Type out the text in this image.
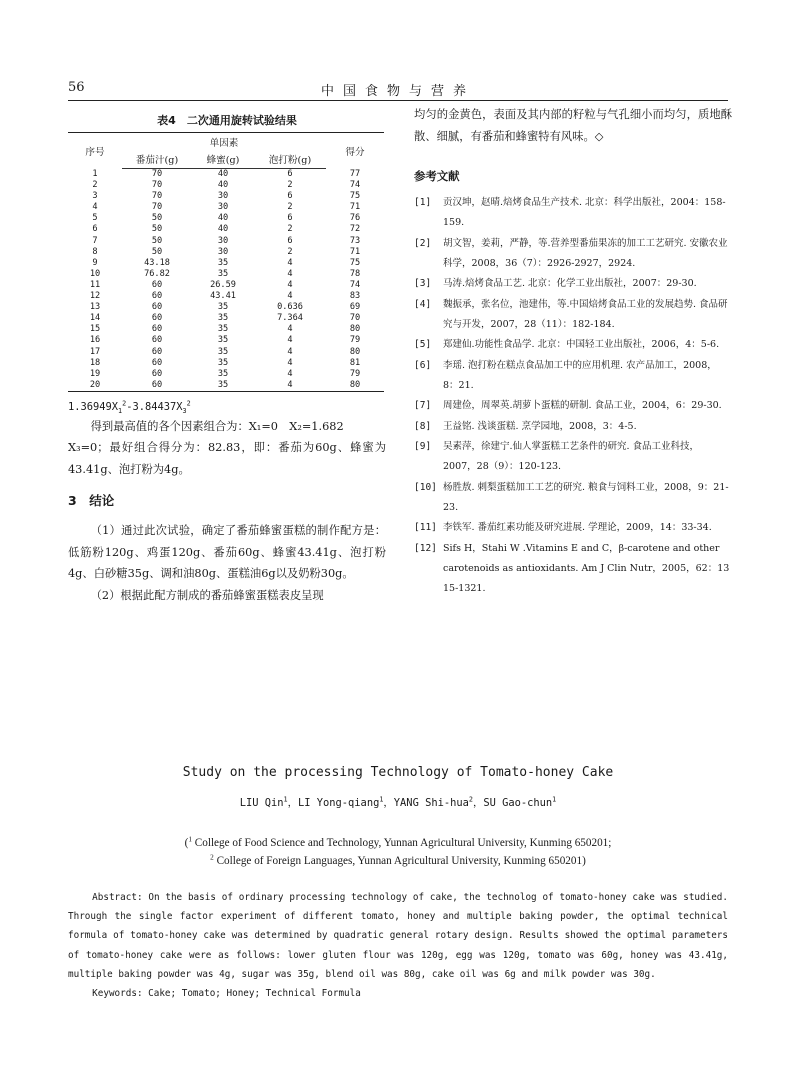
56	中国食物与营养
表4　二次通用旋转试验结果
序号	单因素			得分
	番茄汁(g)	蜂蜜(g)	泡打粉(g)	
1	70	40	6	77
2	70	40	2	74
3	70	30	6	75
4	70	30	2	71
5	50	40	6	76
6	50	40	2	72
7	50	30	6	73
8	50	30	2	71
9	43.18	35	4	75
10	76.82	35	4	78
11	60	26.59	4	74
12	60	43.41	4	83
13	60	35	0.636	69
14	60	35	7.364	70
15	60	35	4	80
16	60	35	4	79
17	60	35	4	80
18	60	35	4	81
19	60	35	4	79
20	60	35	4	80
$1.36949X_1^2-3.84437X_3^2$

得到最高值的各个因素组合为：X₁=0　X₂=1.682

X₃=0；最好组合得分为：82.83，即：番茄为60g、蜂蜜为43.41g、泡打粉为4g。

3　结论

（1）通过此次试验，确定了番茄蜂蜜蛋糕的制作配方是：低筋粉120g、鸡蛋120g、番茄60g、蜂蜜43.41g、泡打粉4g、白砂糖35g、调和油80g、蛋糕油6g以及奶粉30g。

（2）根据此配方制成的番茄蜂蜜蛋糕表皮呈现

均匀的金黄色，表面及其内部的籽粒与气孔细小而均匀，质地酥散、细腻，有番茄和蜂蜜特有风味。◇

参考文献
[1] 贡汉坤，赵晴.焙烤食品生产技术. 北京：科学出版社，2004：158-159.
[2] 胡文智，姜莉，严静，等.营养型番茄果冻的加工工艺研究. 安徽农业科学，2008，36（7）：2926-2927，2924.
[3] 马涛.焙烤食品工艺. 北京：化学工业出版社，2007：29-30.
[4] 魏振承，张名位，池建伟，等.中国焙烤食品工业的发展趋势. 食品研究与开发，2007，28（11）：182-184.
[5] 郑建仙.功能性食品学. 北京：中国轻工业出版社，2006，4：5-6.
[6] 李瑶. 泡打粉在糕点食品加工中的应用机理. 农产品加工，2008，8：21.
[7] 周建俭，周翠英.胡萝卜蛋糕的研制. 食品工业，2004，6：29-30.
[8] 王益铭. 浅谈蛋糕. 烹学园地，2008，3：4-5.
[9] 吴素萍，徐建宁.仙人掌蛋糕工艺条件的研究. 食品工业科技，2007，28（9）：120-123.
[10] 杨胜敖. 刺梨蛋糕加工工艺的研究. 粮食与饲料工业，2008，9：21-23.
[11] 李铁军. 番茄红素功能及研究进展. 学理论，2009，14：33-34.
[12] Sifs H，Stahi W .Vitamins E and C，β-carotene and other carotenoids as antioxidants. Am J Clin Nutr，2005，62：13 15-1321.
Study on the processing Technology of Tomato-honey Cake
LIU Qin$^1$，LI Yong-qiang$^1$，YANG Shi-hua$^2$，SU Gao-chun$^1$
($^1$ College of Food Science and Technology, Yunnan Agricultural University, Kunming 650201;
$^2$ College of Foreign Languages, Yunnan Agricultural University, Kunming 650201)

Abstract: On the basis of ordinary processing technology of cake, the technolog of tomato-honey cake was studied. Through the single factor experiment of different tomato, honey and multiple baking powder, the optimal technical formula of tomato-honey cake was determined by quadratic general rotary design. Results showed the optimal parameters of tomato-honey cake were as follows: lower gluten flour was 120g, egg was 120g, tomato was 60g, honey was 43.41g, multiple baking powder was 4g, sugar was 35g, blend oil was 80g, cake oil was 6g and milk powder was 30g.

Keywords: Cake; Tomato; Honey; Technical Formula
